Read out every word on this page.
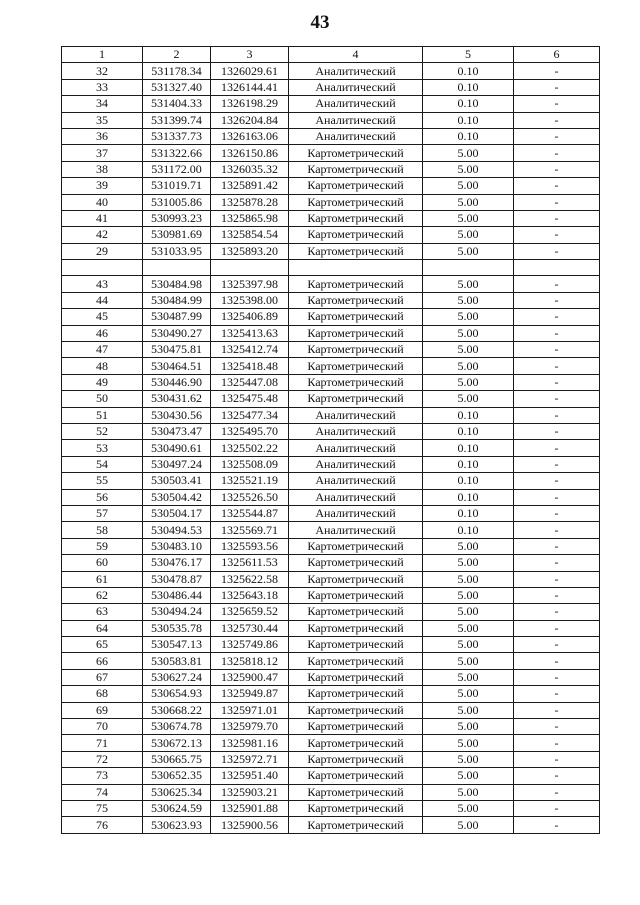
43
1	2	3	4	5	6
32	531178.34	1326029.61	Аналитический	0.10	-
33	531327.40	1326144.41	Аналитический	0.10	-
34	531404.33	1326198.29	Аналитический	0.10	-
35	531399.74	1326204.84	Аналитический	0.10	-
36	531337.73	1326163.06	Аналитический	0.10	-
37	531322.66	1326150.86	Картометрический	5.00	-
38	531172.00	1326035.32	Картометрический	5.00	-
39	531019.71	1325891.42	Картометрический	5.00	-
40	531005.86	1325878.28	Картометрический	5.00	-
41	530993.23	1325865.98	Картометрический	5.00	-
42	530981.69	1325854.54	Картометрический	5.00	-
29	531033.95	1325893.20	Картометрический	5.00	-

43	530484.98	1325397.98	Картометрический	5.00	-
44	530484.99	1325398.00	Картометрический	5.00	-
45	530487.99	1325406.89	Картометрический	5.00	-
46	530490.27	1325413.63	Картометрический	5.00	-
47	530475.81	1325412.74	Картометрический	5.00	-
48	530464.51	1325418.48	Картометрический	5.00	-
49	530446.90	1325447.08	Картометрический	5.00	-
50	530431.62	1325475.48	Картометрический	5.00	-
51	530430.56	1325477.34	Аналитический	0.10	-
52	530473.47	1325495.70	Аналитический	0.10	-
53	530490.61	1325502.22	Аналитический	0.10	-
54	530497.24	1325508.09	Аналитический	0.10	-
55	530503.41	1325521.19	Аналитический	0.10	-
56	530504.42	1325526.50	Аналитический	0.10	-
57	530504.17	1325544.87	Аналитический	0.10	-
58	530494.53	1325569.71	Аналитический	0.10	-
59	530483.10	1325593.56	Картометрический	5.00	-
60	530476.17	1325611.53	Картометрический	5.00	-
61	530478.87	1325622.58	Картометрический	5.00	-
62	530486.44	1325643.18	Картометрический	5.00	-
63	530494.24	1325659.52	Картометрический	5.00	-
64	530535.78	1325730.44	Картометрический	5.00	-
65	530547.13	1325749.86	Картометрический	5.00	-
66	530583.81	1325818.12	Картометрический	5.00	-
67	530627.24	1325900.47	Картометрический	5.00	-
68	530654.93	1325949.87	Картометрический	5.00	-
69	530668.22	1325971.01	Картометрический	5.00	-
70	530674.78	1325979.70	Картометрический	5.00	-
71	530672.13	1325981.16	Картометрический	5.00	-
72	530665.75	1325972.71	Картометрический	5.00	-
73	530652.35	1325951.40	Картометрический	5.00	-
74	530625.34	1325903.21	Картометрический	5.00	-
75	530624.59	1325901.88	Картометрический	5.00	-
76	530623.93	1325900.56	Картометрический	5.00	-
